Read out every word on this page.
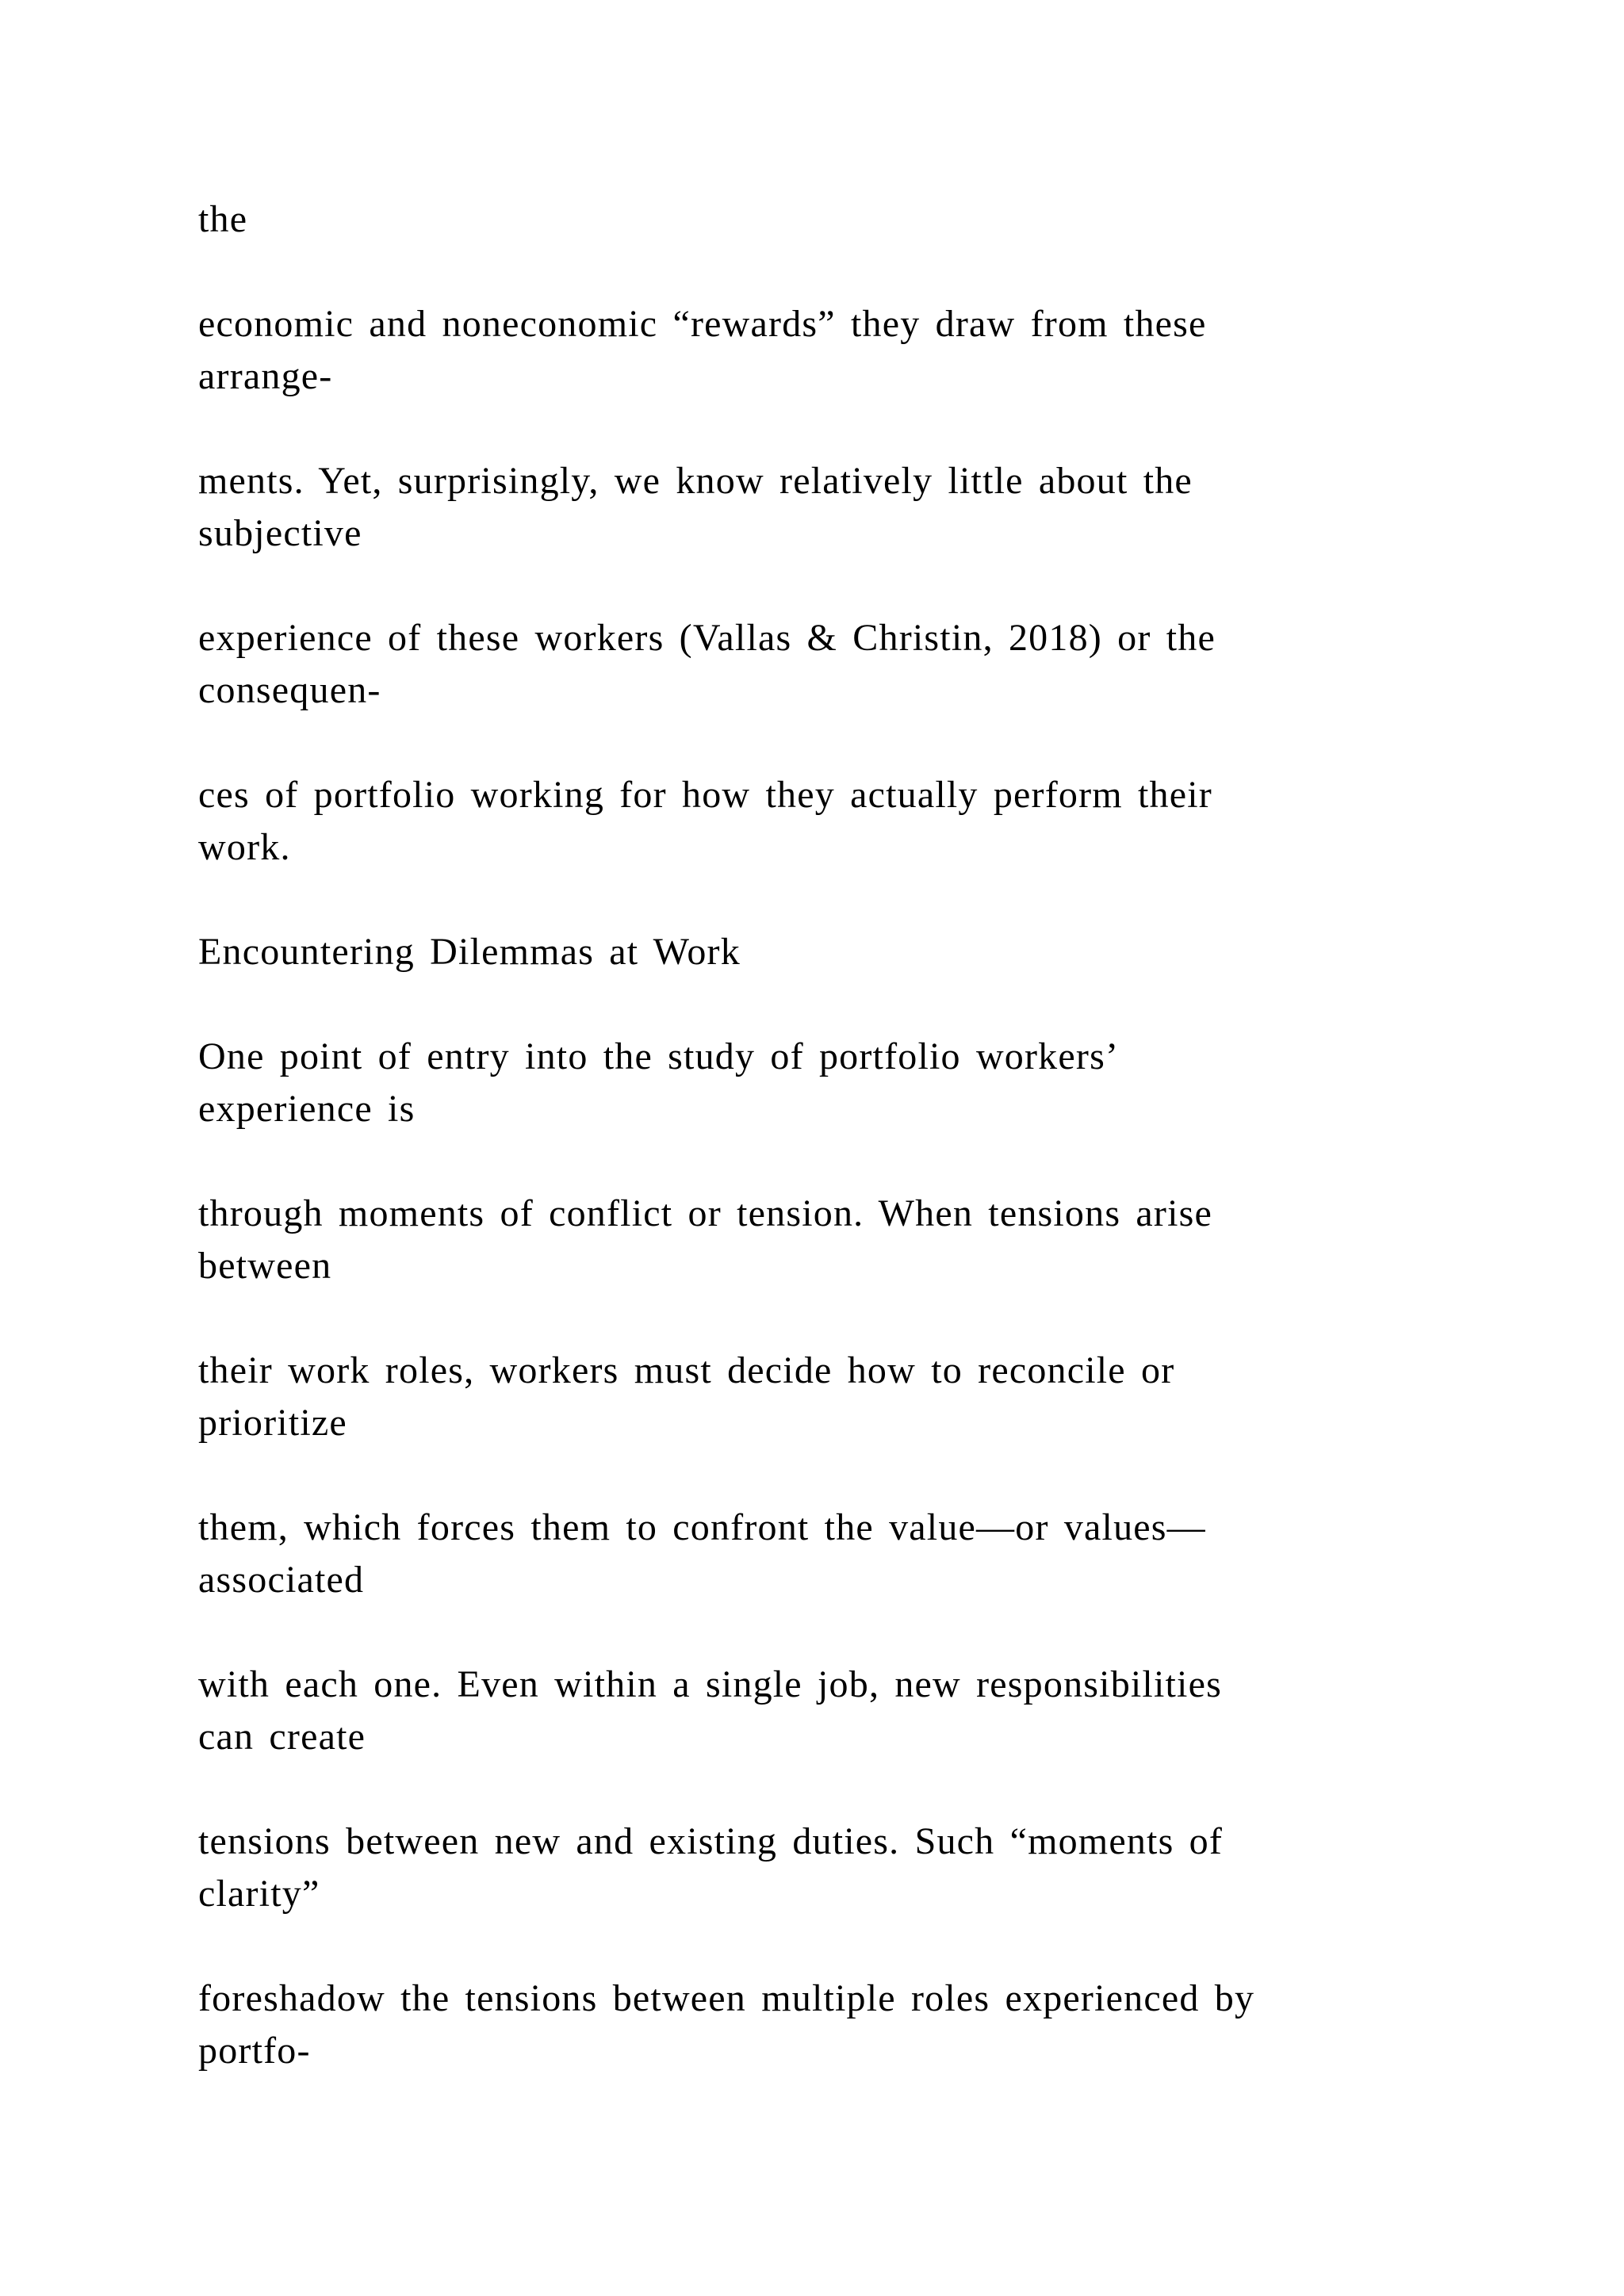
the

economic and noneconomic “rewards” they draw from these
arrange-

ments. Yet, surprisingly, we know relatively little about the
subjective

experience of these workers (Vallas & Christin, 2018) or the
consequen-

ces of portfolio working for how they actually perform their
work.

Encountering Dilemmas at Work

One point of entry into the study of portfolio workers’
experience is

through moments of conflict or tension. When tensions arise
between

their work roles, workers must decide how to reconcile or
prioritize

them, which forces them to confront the value—or values—
associated

with each one. Even within a single job, new responsibilities
can create

tensions between new and existing duties. Such “moments of
clarity”

foreshadow the tensions between multiple roles experienced by
portfo-
